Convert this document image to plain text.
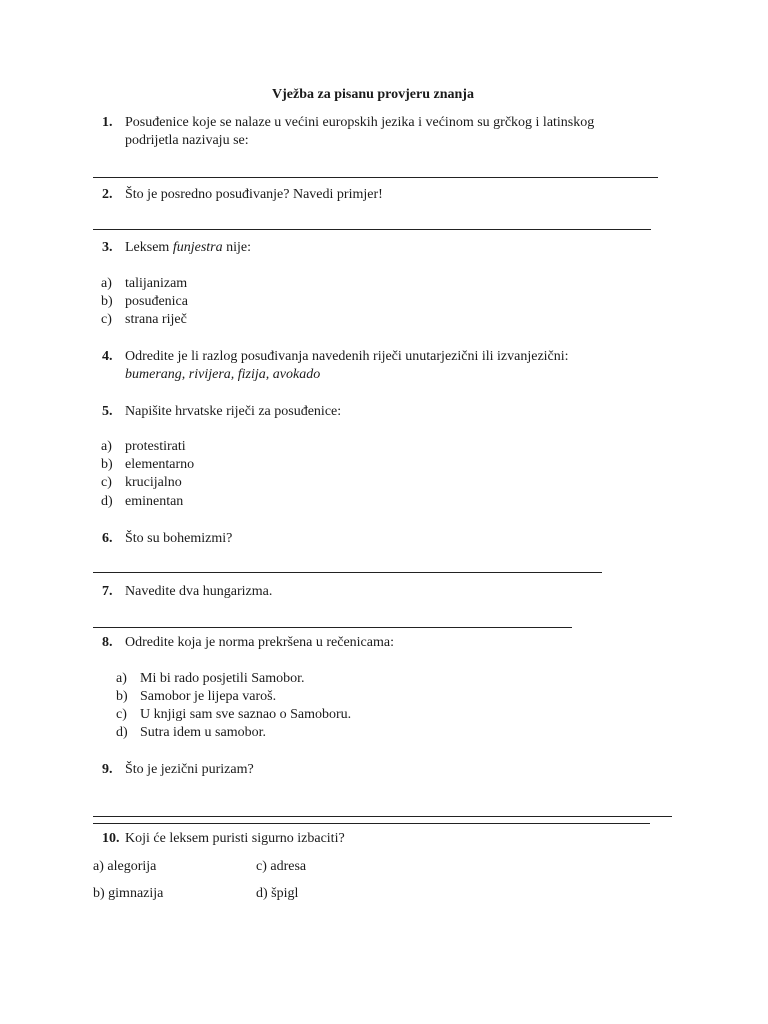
Vježba za pisanu provjeru znanja
1. Posuđenice koje se nalaze u većini europskih jezika i većinom su grčkog i latinskog
podrijetla nazivaju se:
2. Što je posredno posuđivanje? Navedi primjer!
3. Leksem funjestra nije:
a) talijanizam
b) posuđenica
c) strana riječ
4. Odredite je li razlog posuđivanja navedenih riječi unutarjezični ili izvanjezični:
bumerang, rivijera, fizija, avokado
5. Napišite hrvatske riječi za posuđenice:
a) protestirati
b) elementarno
c) krucijalno
d) eminentan
6. Što su bohemizmi?
7. Navedite dva hungarizma.
8. Odredite koja je norma prekršena u rečenicama:
a) Mi bi rado posjetili Samobor.
b) Samobor je lijepa varoš.
c) U knjigi sam sve saznao o Samoboru.
d) Sutra idem u samobor.
9. Što je jezični purizam?
10. Koji će leksem puristi sigurno izbaciti?
a) alegorija	c) adresa
b) gimnazija	d) špigl
